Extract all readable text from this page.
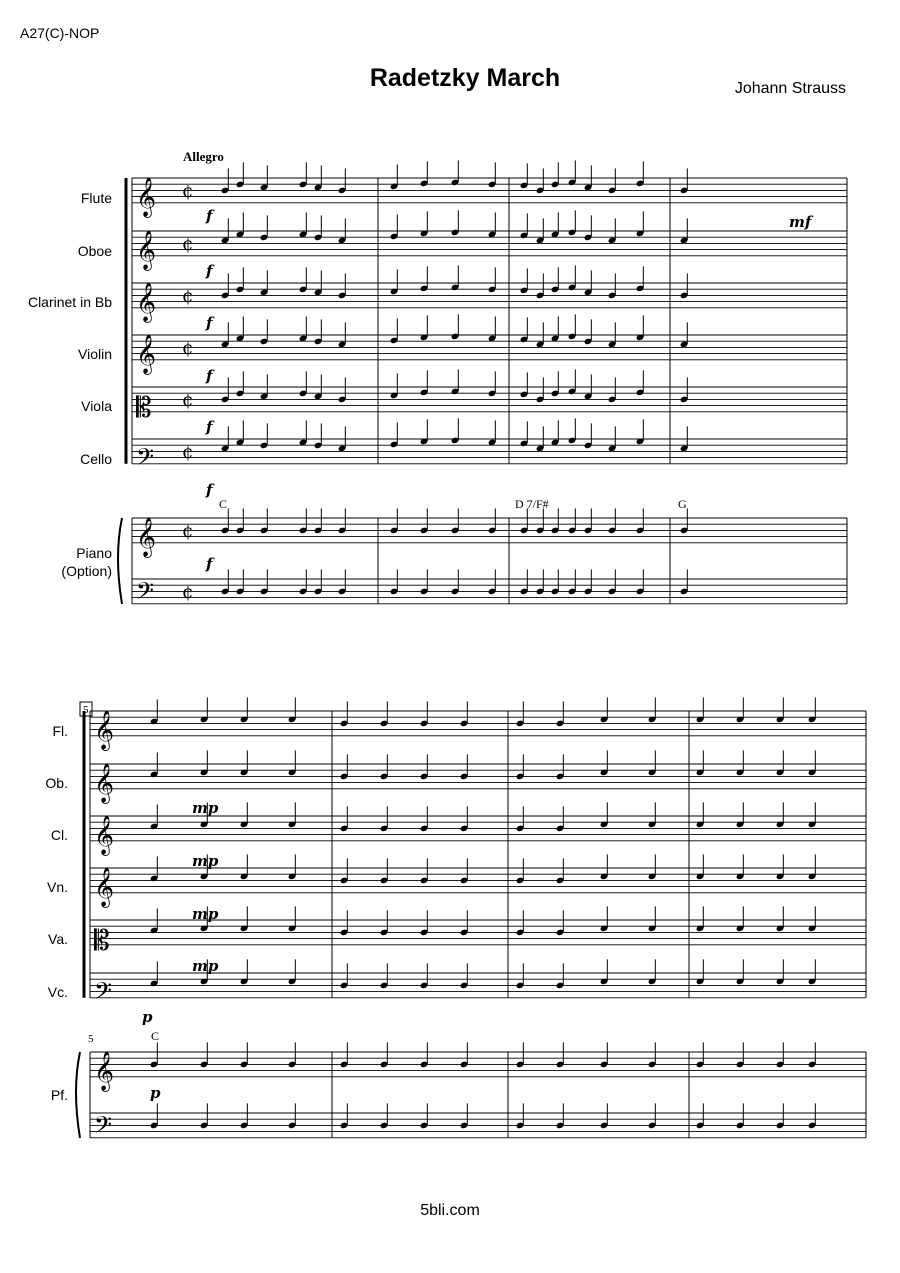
A27(C)-NOP
Radetzky March	Johann Strauss
𝄞 ¢
𝄞 ¢
𝄞 ¢
𝄞 ¢
𝄡 ¢
𝄢 ¢
𝄞
𝄢
¢
¢
𝄞
𝄞
𝄞
𝄞
𝄡
𝄢
𝄞
𝄢
Allegro
Flute
Oboe
Clarinet in Bb
Violin
Viola
Cello
Piano
(Option)
f
f
f
f
f
f
f
mf
C	D 7/F#	G
5
Fl.
Ob.
Cl.
Vn.
Va.
Vc.
Pf.
5	C
mp
mp
mp
mp
p
p
5bli.com
